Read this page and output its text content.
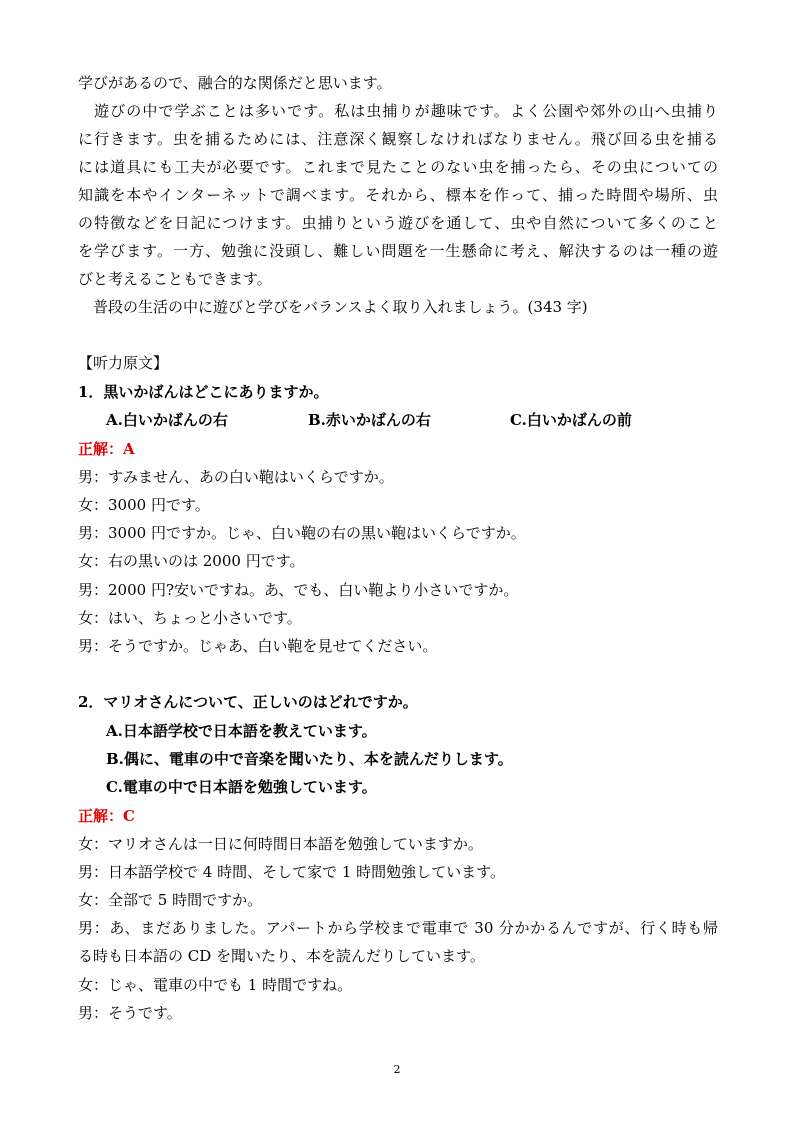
学びがあるので、融合的な関係だと思います。
　遊びの中で学ぶことは多いです。私は虫捕りが趣味です。よく公園や郊外の山へ虫捕り
に行きます。虫を捕るためには、注意深く観察しなければなりません。飛び回る虫を捕る
には道具にも工夫が必要です。これまで見たことのない虫を捕ったら、その虫についての
知識を本やインターネットで調べます。それから、標本を作って、捕った時間や場所、虫
の特徴などを日記につけます。虫捕りという遊びを通して、虫や自然について多くのこと
を学びます。一方、勉強に没頭し、難しい問題を一生懸命に考え、解決するのは一種の遊
びと考えることもできます。
　普段の生活の中に遊びと学びをバランスよく取り入れましょう。(343 字)
【听力原文】
1．黒いかばんはどこにありますか。
A.白いかばんの右	B.赤いかばんの右	C.白いかばんの前
正解：A
男：すみません、あの白い鞄はいくらですか。
女：3000 円です。
男：3000 円ですか。じゃ、白い鞄の右の黒い鞄はいくらですか。
女：右の黒いのは 2000 円です。
男：2000 円?安いですね。あ、でも、白い鞄より小さいですか。
女：はい、ちょっと小さいです。
男：そうですか。じゃあ、白い鞄を見せてください。
2．マリオさんについて、正しいのはどれですか。
A.日本語学校で日本語を教えています。
B.偶に、電車の中で音楽を聞いたり、本を読んだりします。
C.電車の中で日本語を勉強しています。
正解：C
女：マリオさんは一日に何時間日本語を勉強していますか。
男：日本語学校で 4 時間、そして家で 1 時間勉強しています。
女：全部で 5 時間ですか。
男：あ、まだありました。アパートから学校まで電車で 30 分かかるんですが、行く時も帰
る時も日本語の CD を聞いたり、本を読んだりしています。
女：じゃ、電車の中でも 1 時間ですね。
男：そうです。
2
